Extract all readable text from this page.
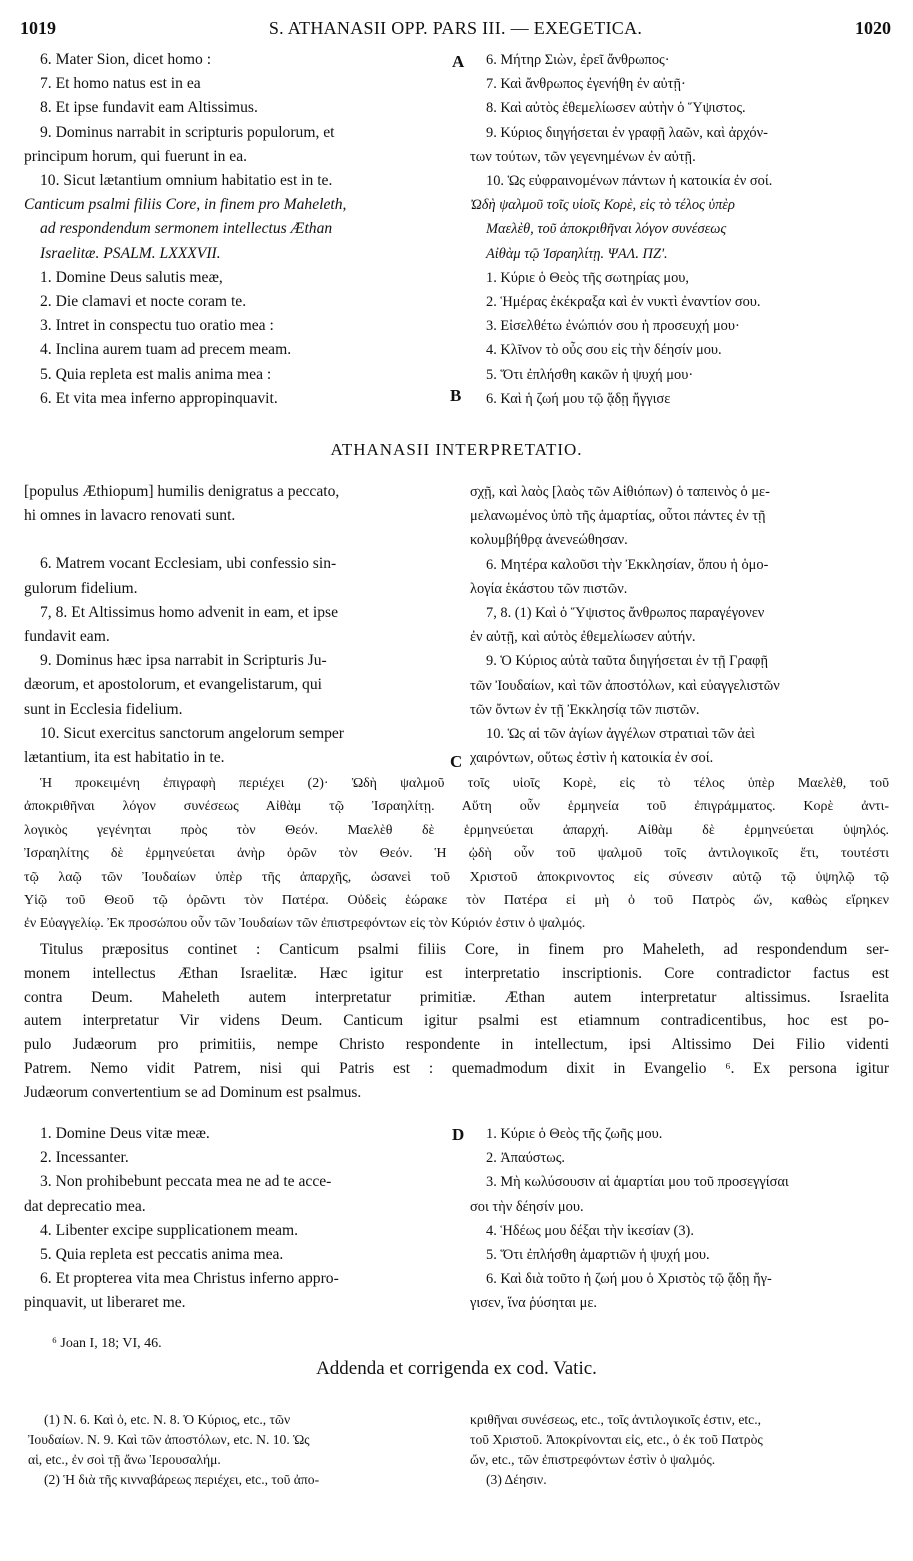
1019	S. ATHANASII OPP. PARS III. — EXEGETICA.	1020
6. Mater Sion, dicet homo :
7. Et homo natus est in ea
8. Et ipse fundavit eam Altissimus.
9. Dominus narrabit in scripturis populorum, et
principum horum, qui fuerunt in ea.
10. Sicut lætantium omnium habitatio est in te.
Canticum psalmi filiis Core, in finem pro Maheleth,
ad respondendum sermonem intellectus Æthan
Israelitæ. PSALM. LXXXVII.
1. Domine Deus salutis meæ,
2. Die clamavi et nocte coram te.
3. Intret in conspectu tuo oratio mea :
4. Inclina aurem tuam ad precem meam.
5. Quia repleta est malis anima mea :
6. Et vita mea inferno appropinquavit.
A
B
6. Μήτηρ Σιὼν, ἐρεῖ ἄνθρωπος·
7. Καὶ ἄνθρωπος ἐγενήθη ἐν αὐτῇ·
8. Καὶ αὐτὸς ἐθεμελίωσεν αὐτὴν ὁ Ὕψιστος.
9. Κύριος διηγήσεται ἐν γραφῇ λαῶν, καὶ ἀρχόν-
των τούτων, τῶν γεγενημένων ἐν αὐτῇ.
10. Ὡς εὐφραινομένων πάντων ἡ κατοικία ἐν σοί.
Ὠδὴ ψαλμοῦ τοῖς υἱοῖς Κορὲ, εἰς τὸ τέλος ὑπὲρ
Μαελὲθ, τοῦ ἀποκριθῆναι λόγον συνέσεως
Αἰθὰμ τῷ Ἰσραηλίτῃ. ΨΑΛ. ΠΖʹ.
1. Κύριε ὁ Θεὸς τῆς σωτηρίας μου,
2. Ἡμέρας ἐκέκραξα καὶ ἐν νυκτὶ ἐναντίον σου.
3. Εἰσελθέτω ἐνώπιόν σου ἡ προσευχή μου·
4. Κλῖνον τὸ οὖς σου εἰς τὴν δέησίν μου.
5. Ὅτι ἐπλήσθη κακῶν ἡ ψυχή μου·
6. Καὶ ἡ ζωή μου τῷ ᾅδῃ ἤγγισε
ATHANASII INTERPRETATIO.
[populus Æthiopum] humilis denigratus a peccato,
hi omnes in lavacro renovati sunt.
6. Matrem vocant Ecclesiam, ubi confessio sin-
gulorum fidelium.
7, 8. Et Altissimus homo advenit in eam, et ipse
fundavit eam.
9. Dominus hæc ipsa narrabit in Scripturis Ju-
dæorum, et apostolorum, et evangelistarum, qui
sunt in Ecclesia fidelium.
10. Sicut exercitus sanctorum angelorum semper
lætantium, ita est habitatio in te.
σχῇ, καὶ λαὸς [λαὸς τῶν Αἰθιόπων) ὁ ταπεινὸς ὁ με-
μελανωμένος ὑπὸ τῆς ἁμαρτίας, οὗτοι πάντες ἐν τῇ
κολυμβήθρᾳ ἀνενεώθησαν.
6. Μητέρα καλοῦσι τὴν Ἐκκλησίαν, ὅπου ἡ ὁμο-
λογία ἑκάστου τῶν πιστῶν.
7, 8. (1) Καὶ ὁ Ὕψιστος ἄνθρωπος παραγέγονεν
ἐν αὐτῇ, καὶ αὐτὸς ἐθεμελίωσεν αὐτήν.
9. Ὁ Κύριος αὐτὰ ταῦτα διηγήσεται ἐν τῇ Γραφῇ
τῶν Ἰουδαίων, καὶ τῶν ἀποστόλων, καὶ εὐαγγελιστῶν
τῶν ὄντων ἐν τῇ Ἐκκλησίᾳ τῶν πιστῶν.
10. Ὡς αἱ τῶν ἁγίων ἀγγέλων στρατιαὶ τῶν ἀεὶ
χαιρόντων, οὕτως ἐστὶν ἡ κατοικία ἐν σοί.
C
Ἡ προκειμένη ἐπιγραφὴ περιέχει (2)· Ὠδὴ ψαλμοῦ τοῖς υἱοῖς Κορὲ, εἰς τὸ τέλος ὑπὲρ Μαελὲθ, τοῦ
ἀποκριθῆναι λόγον συνέσεως Αἰθὰμ τῷ Ἰσραηλίτῃ. Αὕτη οὖν ἑρμηνεία τοῦ ἐπιγράμματος. Κορὲ ἀντι-
λογικὸς γεγένηται πρὸς τὸν Θεόν. Μαελὲθ δὲ ἑρμηνεύεται ἀπαρχή. Αἰθὰμ δὲ ἑρμηνεύεται ὑψηλός.
Ἰσραηλίτης δὲ ἑρμηνεύεται ἀνὴρ ὁρῶν τὸν Θεόν. Ἡ ᾠδὴ οὖν τοῦ ψαλμοῦ τοῖς ἀντιλογικοῖς ἔτι, τουτέστι
τῷ λαῷ τῶν Ἰουδαίων ὑπὲρ τῆς ἀπαρχῆς, ὡσανεὶ τοῦ Χριστοῦ ἀποκρινοντος εἰς σύνεσιν αὐτῷ τῷ ὑψηλῷ τῷ
Υἱῷ τοῦ Θεοῦ τῷ ὁρῶντι τὸν Πατέρα. Οὐδεὶς ἑώρακε τὸν Πατέρα εἰ μὴ ὁ τοῦ Πατρὸς ὤν, καθὼς εἴρηκεν
ἐν Εὐαγγελίῳ. Ἐκ προσώπου οὖν τῶν Ἰουδαίων τῶν ἐπιστρεφόντων εἰς τὸν Κύριόν ἐστιν ὁ ψαλμός.
Titulus præpositus continet : Canticum psalmi filiis Core, in finem pro Maheleth, ad respondendum ser-
monem intellectus Æthan Israelitæ. Hæc igitur est interpretatio inscriptionis. Core contradictor factus est
contra Deum. Maheleth autem interpretatur primitiæ. Æthan autem interpretatur altissimus. Israelita
autem interpretatur Vir videns Deum. Canticum igitur psalmi est etiamnum contradicentibus, hoc est po-
pulo Judæorum pro primitiis, nempe Christo respondente in intellectum, ipsi Altissimo Dei Filio videnti
Patrem. Nemo vidit Patrem, nisi qui Patris est : quemadmodum dixit in Evangelio ⁶. Ex persona igitur
Judæorum convertentium se ad Dominum est psalmus.
D
1. Domine Deus vitæ meæ.
2. Incessanter.
3. Non prohibebunt peccata mea ne ad te acce-
dat deprecatio mea.
4. Libenter excipe supplicationem meam.
5. Quia repleta est peccatis anima mea.
6. Et propterea vita mea Christus inferno appro-
pinquavit, ut liberaret me.
1. Κύριε ὁ Θεὸς τῆς ζωῆς μου.
2. Ἀπαύστως.
3. Μὴ κωλύσουσιν αἱ ἁμαρτίαι μου τοῦ προσεγγίσαι
σοι τὴν δέησίν μου.
4. Ἡδέως μου δέξαι τὴν ἱκεσίαν (3).
5. Ὅτι ἐπλήσθη ἁμαρτιῶν ἡ ψυχή μου.
6. Καὶ διὰ τοῦτο ἡ ζωή μου ὁ Χριστὸς τῷ ᾅδῃ ἤγ-
γισεν, ἵνα ῥύσηται με.
⁶ Joan I, 18; VI, 46.
Addenda et corrigenda ex cod. Vatic.
(1) N. 6. Καὶ ὁ, etc. N. 8. Ὁ Κύριος, etc., τῶν
Ἰουδαίων. N. 9. Καὶ τῶν ἀποστόλων, etc. N. 10. Ὡς
αἱ, etc., ἐν σοὶ τῇ ἄνω Ἱερουσαλήμ.
(2) Ἡ διὰ τῆς κινναβάρεως περιέχει, etc., τοῦ ἀπο-
κριθῆναι συνέσεως, etc., τοῖς ἀντιλογικοῖς ἐστιν, etc.,
τοῦ Χριστοῦ. Ἀποκρίνονται εἰς, etc., ὁ ἐκ τοῦ Πατρὸς
ὤν, etc., τῶν ἐπιστρεφόντων ἐστὶν ὁ ψαλμός.
(3) Δέησιν.
